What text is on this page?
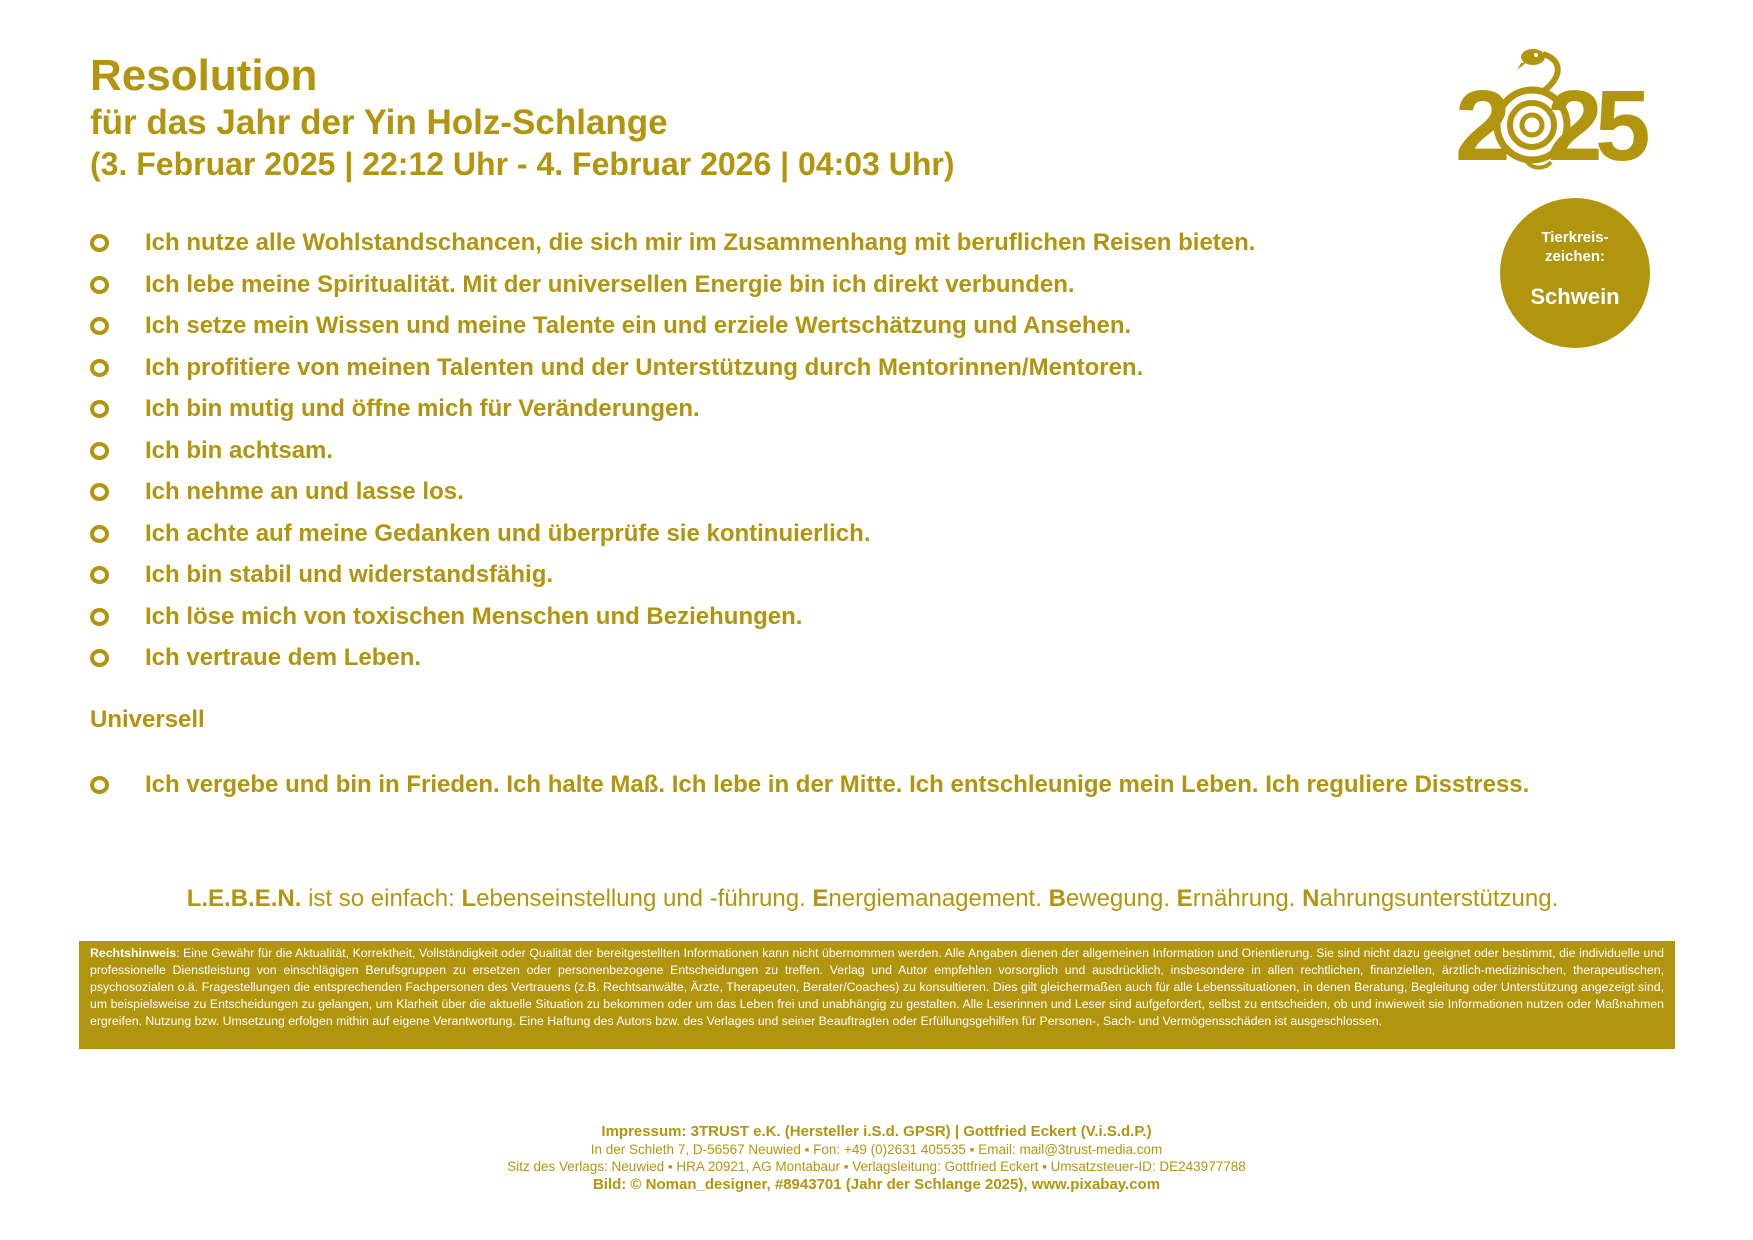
Resolution
für das Jahr der Yin Holz-Schlange
(3. Februar 2025 | 22:12 Uhr - 4. Februar 2026 | 04:03 Uhr)	2 2
5
Tierkreis-
zeichen:
Schwein
Ich nutze alle Wohlstandschancen, die sich mir im Zusammenhang mit beruflichen Reisen bieten.
Ich lebe meine Spiritualität. Mit der universellen Energie bin ich direkt verbunden.
Ich setze mein Wissen und meine Talente ein und erziele Wertschätzung und Ansehen.
Ich profitiere von meinen Talenten und der Unterstützung durch Mentorinnen/Mentoren.
Ich bin mutig und öffne mich für Veränderungen.
Ich bin achtsam.
Ich nehme an und lasse los.
Ich achte auf meine Gedanken und überprüfe sie kontinuierlich.
Ich bin stabil und widerstandsfähig.
Ich löse mich von toxischen Menschen und Beziehungen.
Ich vertraue dem Leben.
Universell
Ich vergebe und bin in Frieden. Ich halte Maß. Ich lebe in der Mitte. Ich entschleunige mein Leben. Ich reguliere Disstress.
L.E.B.E.N. ist so einfach: Lebenseinstellung und -führung. Energiemanagement. Bewegung. Ernährung. Nahrungsunterstützung.
Rechtshinweis: Eine Gewähr für die Aktualität, Korrektheit, Vollständigkeit oder Qualität der bereitgestellten Informationen kann nicht übernommen werden. Alle Angaben dienen der allgemeinen Information und Orientierung. Sie sind nicht dazu geeignet oder bestimmt, die individuelle und professionelle Dienstleistung von einschlägigen Berufsgruppen zu ersetzen oder personenbezogene Entscheidungen zu treffen. Verlag und Autor empfehlen vorsorglich und ausdrücklich, insbesondere in allen rechtlichen, finanziellen, ärztlich-medizinischen, therapeutischen, psychosozialen o.ä. Fragestellungen die entsprechenden Fachpersonen des Vertrauens (z.B. Rechtsanwälte, Ärzte, Therapeuten, Berater/Coaches) zu konsultieren. Dies gilt gleichermaßen auch für alle Lebenssituationen, in denen Beratung, Begleitung oder Unterstützung angezeigt sind, um beispielsweise zu Entscheidungen zu gelangen, um Klarheit über die aktuelle Situation zu bekommen oder um das Leben frei und unabhängig zu gestalten. Alle Leserinnen und Leser sind aufgefordert, selbst zu entscheiden, ob und inwieweit sie Informationen nutzen oder Maßnahmen ergreifen. Nutzung bzw. Umsetzung erfolgen mithin auf eigene Verantwortung. Eine Haftung des Autors bzw. des Verlages und seiner Beauftragten oder Erfüllungsgehilfen für Personen-, Sach- und Vermögensschäden ist ausgeschlossen.
Impressum: 3TRUST e.K. (Hersteller i.S.d. GPSR) | Gottfried Eckert (V.i.S.d.P.)
In der Schleth 7, D-56567 Neuwied ▪ Fon: +49 (0)2631 405535 ▪ Email: mail@3trust-media.com
Sitz des Verlags: Neuwied ▪ HRA 20921, AG Montabaur ▪ Verlagsleitung: Gottfried Eckert ▪ Umsatzsteuer-ID: DE243977788
Bild: © Noman_designer, #8943701 (Jahr der Schlange 2025), www.pixabay.com
